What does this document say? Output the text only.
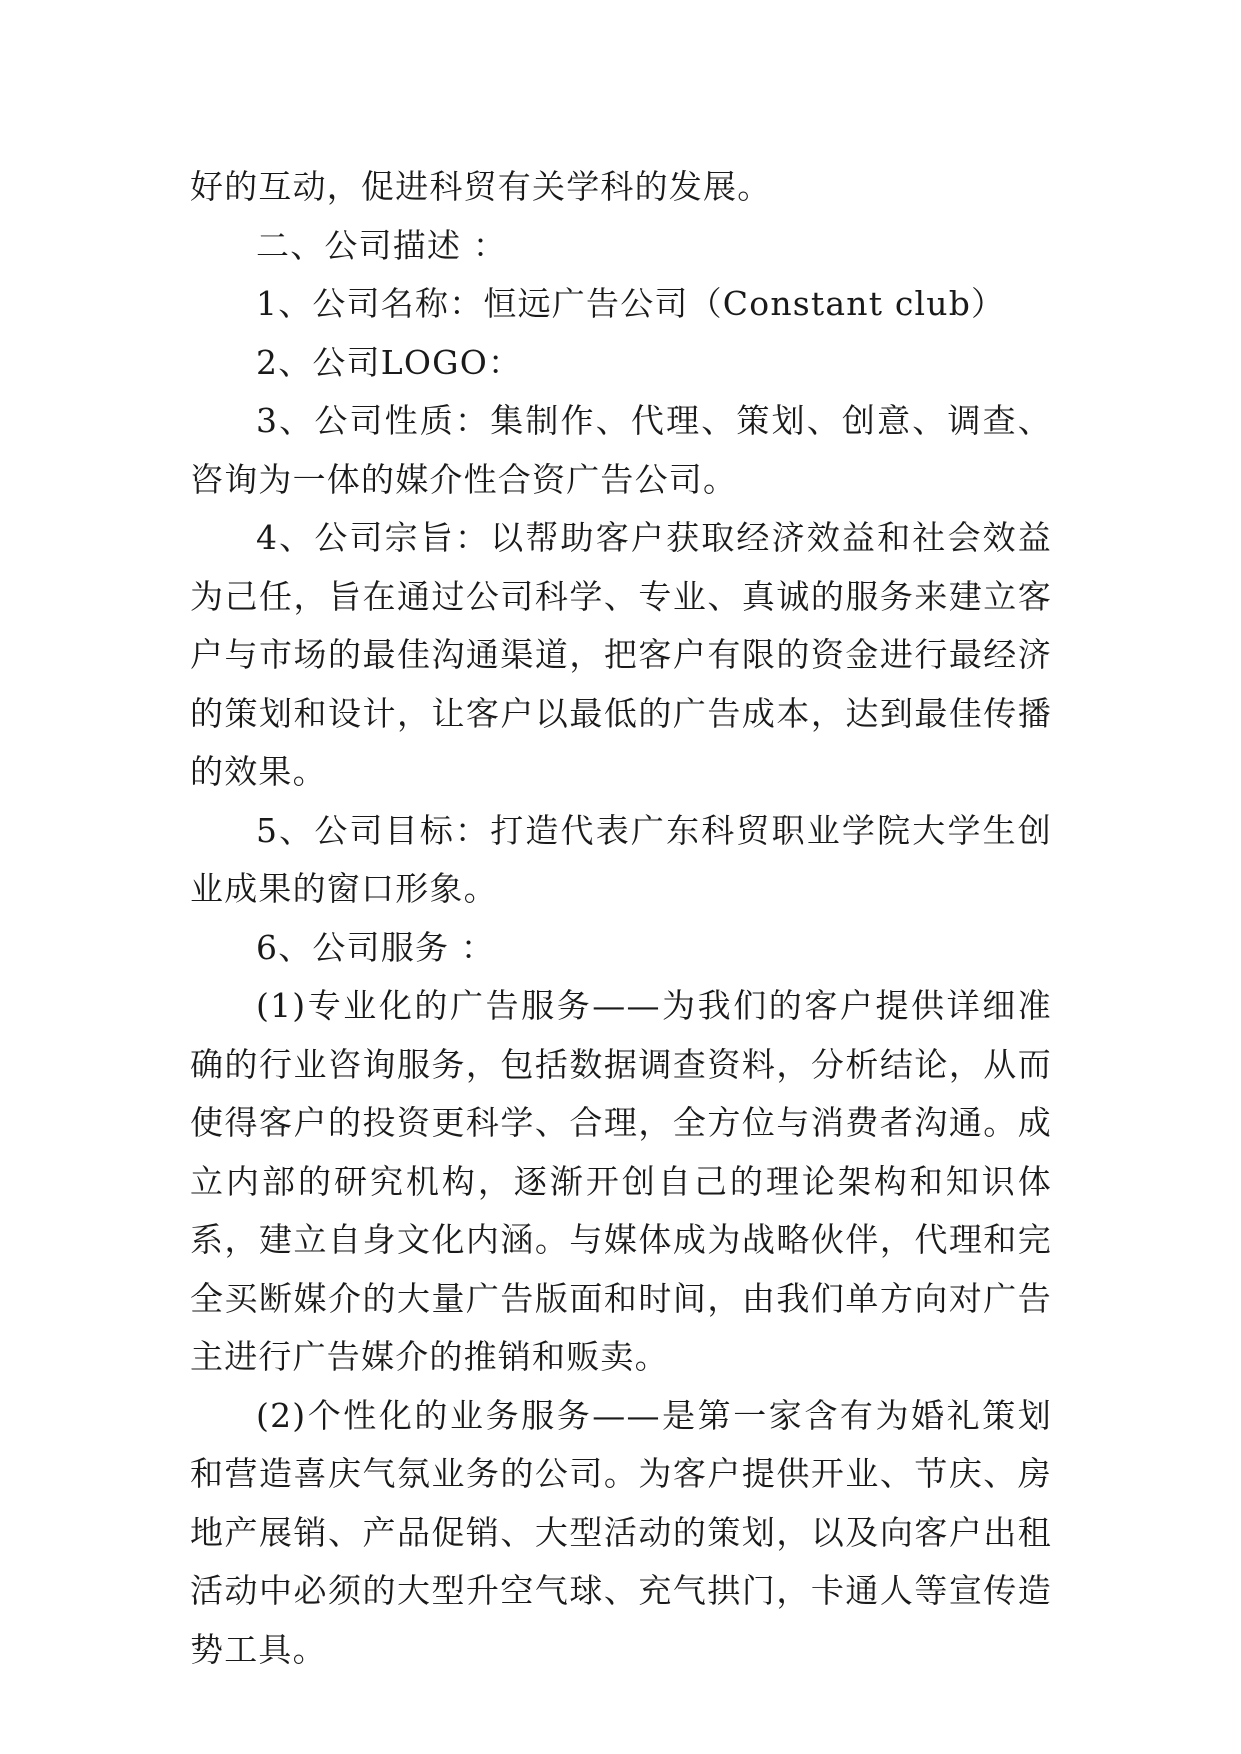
好的互动，促进科贸有关学科的发展。

二、公司描述 ：

1、公司名称：恒远广告公司（Constant club）

2、公司LOGO：

3、公司性质：集制作、代理、策划、创意、调查、咨询为一体的媒介性合资广告公司。

4、公司宗旨：以帮助客户获取经济效益和社会效益为己任，旨在通过公司科学、专业、真诚的服务来建立客户与市场的最佳沟通渠道，把客户有限的资金进行最经济的策划和设计，让客户以最低的广告成本，达到最佳传播的效果。

5、公司目标：打造代表广东科贸职业学院大学生创业成果的窗口形象。

6、公司服务 ：

(1)专业化的广告服务——为我们的客户提供详细准确的行业咨询服务，包括数据调查资料，分析结论，从而使得客户的投资更科学、合理，全方位与消费者沟通。成立内部的研究机构，逐渐开创自己的理论架构和知识体系，建立自身文化内涵。与媒体成为战略伙伴，代理和完全买断媒介的大量广告版面和时间，由我们单方向对广告主进行广告媒介的推销和贩卖。

(2)个性化的业务服务——是第一家含有为婚礼策划和营造喜庆气氛业务的公司。为客户提供开业、节庆、房地产展销、产品促销、大型活动的策划，以及向客户出租活动中必须的大型升空气球、充气拱门，卡通人等宣传造势工具。
